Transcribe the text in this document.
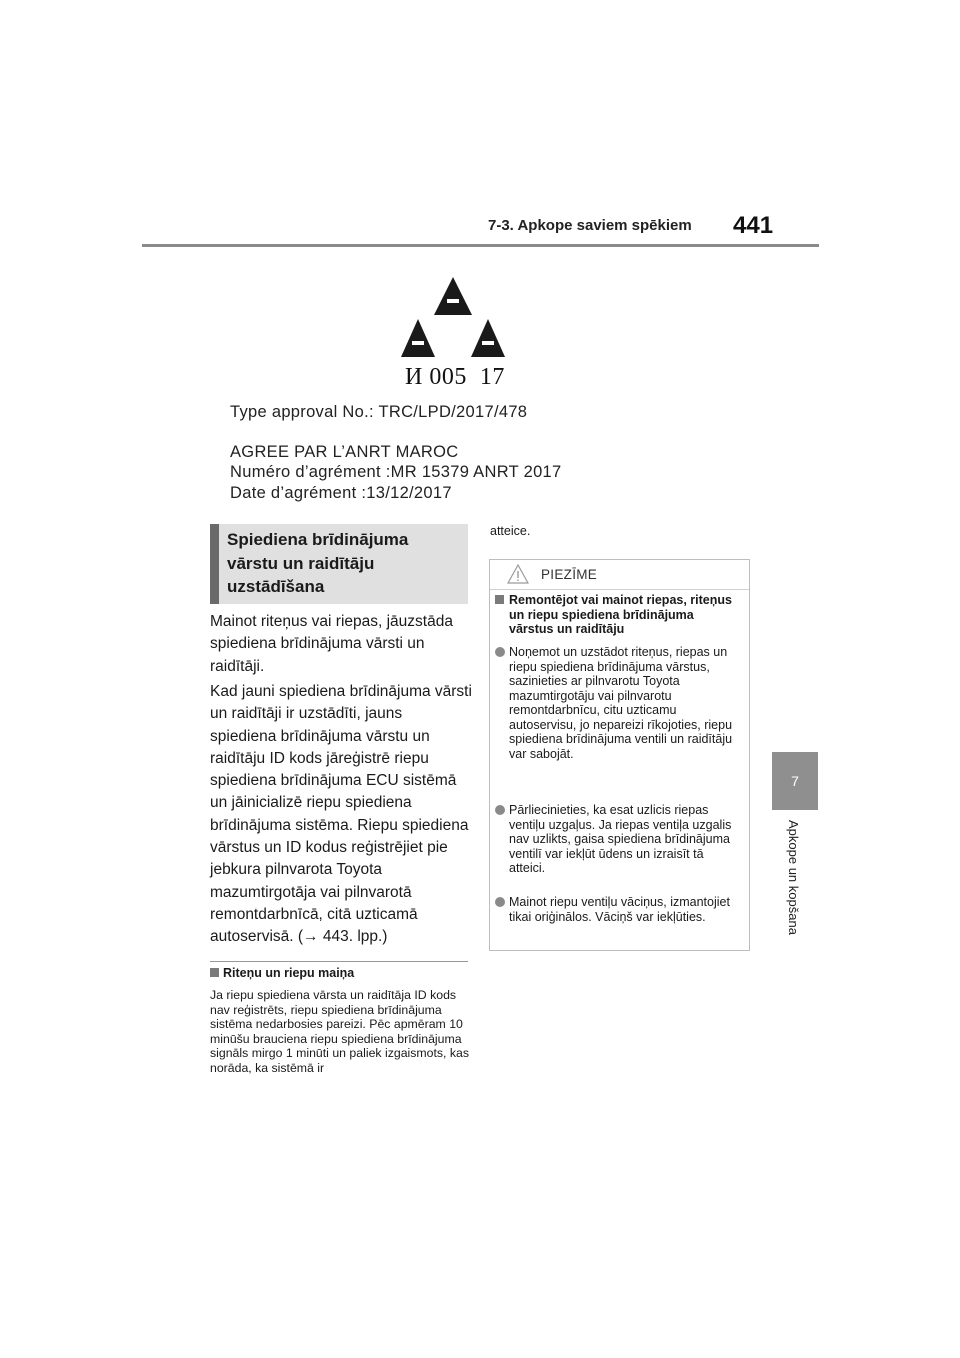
7-3. Apkope saviem spēkiem 441
7
Apkope un kopšana
И 005  17
Type approval No.: TRC/LPD/2017/478
AGREE PAR L’ANRT MAROC
Numéro d’agrément :MR 15379 ANRT 2017
Date d’agrément :13/12/2017
Spiediena brīdinājuma vārstu un raidītāju uzstādīšana
Mainot riteņus vai riepas, jāuzstāda spiediena brīdinājuma vārsti un raidītāji.
Kad jauni spiediena brīdinājuma vārsti un raidītāji ir uzstādīti, jauns spiediena brīdinājuma vārstu un raidītāju ID kods jāreģistrē riepu spiediena brīdinājuma ECU sistēmā un jāinicializē riepu spiediena brīdinājuma sistēma. Riepu spiediena vārstus un ID kodus reģistrējiet pie jebkura pilnvarota Toyota mazumtirgotāja vai pilnvarotā remontdarbnīcā, citā uzticamā autoservisā. (→ 443. lpp.)
Riteņu un riepu maiņa
Ja riepu spiediena vārsta un raidītāja ID kods nav reģistrēts, riepu spiediena brīdinājuma sistēma nedarbosies pareizi. Pēc apmēram 10 minūšu brauciena riepu spiediena brīdinājuma signāls mirgo 1 minūti un paliek izgaismots, kas norāda, ka sistēmā ir
atteice.
PIEZĪME
Remontējot vai mainot riepas, riteņus un riepu spiediena brīdinājuma vārstus un raidītāju
Noņemot un uzstādot riteņus, riepas un riepu spiediena brīdinājuma vārstus, sazinieties ar pilnvarotu Toyota mazumtirgotāju vai pilnvarotu remontdarbnīcu, citu uzticamu autoservisu, jo nepareizi rīkojoties, riepu spiediena brīdinājuma ventili un raidītāju var sabojāt.
Pārliecinieties, ka esat uzlicis riepas ventiļu uzgaļus. Ja riepas ventiļa uzgalis nav uzlikts, gaisa spiediena brīdinājuma ventilī var iekļūt ūdens un izraisīt tā atteici.
Mainot riepu ventiļu vāciņus, izmantojiet tikai oriģinālos. Vāciņš var iekļūties.
